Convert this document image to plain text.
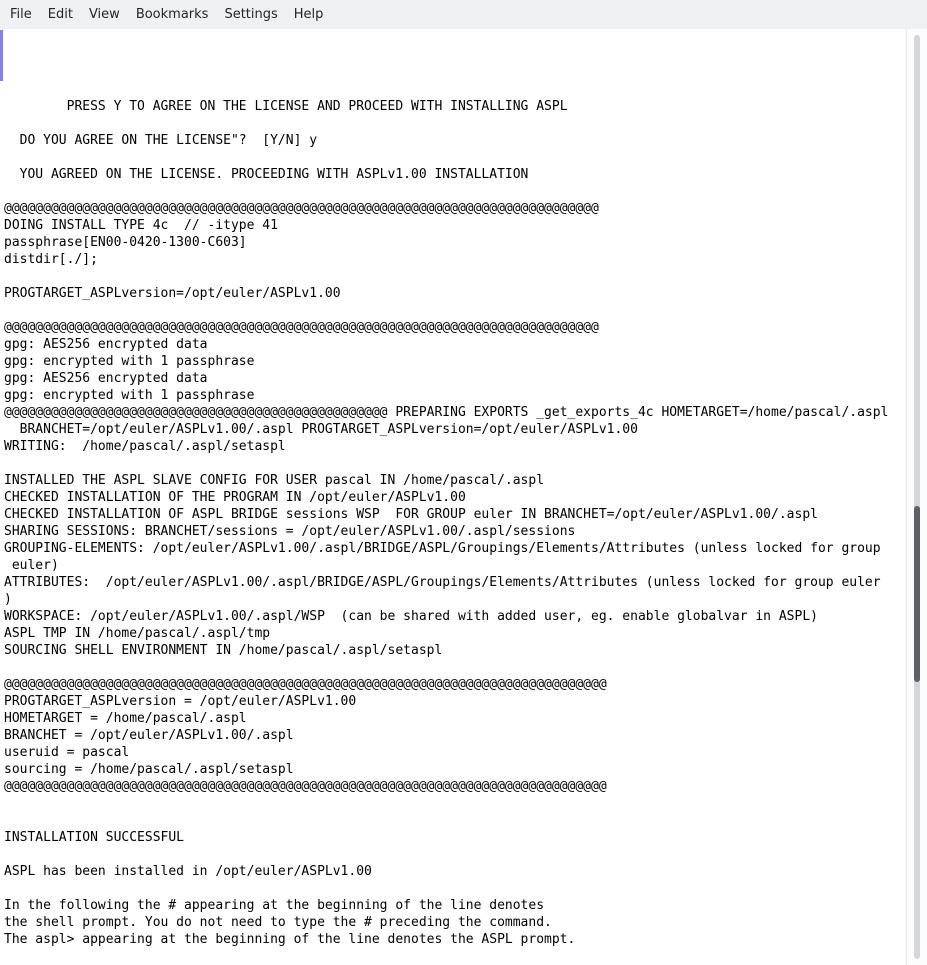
File	Edit	View	Bookmarks	Settings	Help
PRESS Y TO AGREE ON THE LICENSE AND PROCEED WITH INSTALLING ASPL
DO YOU AGREE ON THE LICENSE"?  [Y/N] y
YOU AGREED ON THE LICENSE. PROCEEDING WITH ASPLv1.00 INSTALLATION
@@@@@@@@@@@@@@@@@@@@@@@@@@@@@@@@@@@@@@@@@@@@@@@@@@@@@@@@@@@@@@@@@@@@@@@@@@@@
DOING INSTALL TYPE 4c  // -itype 41
passphrase[EN00-0420-1300-C603]
distdir[./];
PROGTARGET_ASPLversion=/opt/euler/ASPLv1.00
@@@@@@@@@@@@@@@@@@@@@@@@@@@@@@@@@@@@@@@@@@@@@@@@@@@@@@@@@@@@@@@@@@@@@@@@@@@@
gpg: AES256 encrypted data
gpg: encrypted with 1 passphrase
gpg: AES256 encrypted data
gpg: encrypted with 1 passphrase
@@@@@@@@@@@@@@@@@@@@@@@@@@@@@@@@@@@@@@@@@@@@@@@@@ PREPARING EXPORTS _get_exports_4c HOMETARGET=/home/pascal/.aspl
BRANCHET=/opt/euler/ASPLv1.00/.aspl PROGTARGET_ASPLversion=/opt/euler/ASPLv1.00
WRITING:  /home/pascal/.aspl/setaspl
INSTALLED THE ASPL SLAVE CONFIG FOR USER pascal IN /home/pascal/.aspl
CHECKED INSTALLATION OF THE PROGRAM IN /opt/euler/ASPLv1.00
CHECKED INSTALLATION OF ASPL BRIDGE sessions WSP  FOR GROUP euler IN BRANCHET=/opt/euler/ASPLv1.00/.aspl
SHARING SESSIONS: BRANCHET/sessions = /opt/euler/ASPLv1.00/.aspl/sessions
GROUPING-ELEMENTS: /opt/euler/ASPLv1.00/.aspl/BRIDGE/ASPL/Groupings/Elements/Attributes (unless locked for group
euler)
ATTRIBUTES:  /opt/euler/ASPLv1.00/.aspl/BRIDGE/ASPL/Groupings/Elements/Attributes (unless locked for group euler
)
WORKSPACE: /opt/euler/ASPLv1.00/.aspl/WSP  (can be shared with added user, eg. enable globalvar in ASPL)
ASPL TMP IN /home/pascal/.aspl/tmp
SOURCING SHELL ENVIRONMENT IN /home/pascal/.aspl/setaspl
@@@@@@@@@@@@@@@@@@@@@@@@@@@@@@@@@@@@@@@@@@@@@@@@@@@@@@@@@@@@@@@@@@@@@@@@@@@@@
PROGTARGET_ASPLversion = /opt/euler/ASPLv1.00
HOMETARGET = /home/pascal/.aspl
BRANCHET = /opt/euler/ASPLv1.00/.aspl
useruid = pascal
sourcing = /home/pascal/.aspl/setaspl
@@@@@@@@@@@@@@@@@@@@@@@@@@@@@@@@@@@@@@@@@@@@@@@@@@@@@@@@@@@@@@@@@@@@@@@@@@@@@
INSTALLATION SUCCESSFUL
ASPL has been installed in /opt/euler/ASPLv1.00
In the following the # appearing at the beginning of the line denotes
the shell prompt. You do not need to type the # preceding the command.
The aspl> appearing at the beginning of the line denotes the ASPL prompt.
